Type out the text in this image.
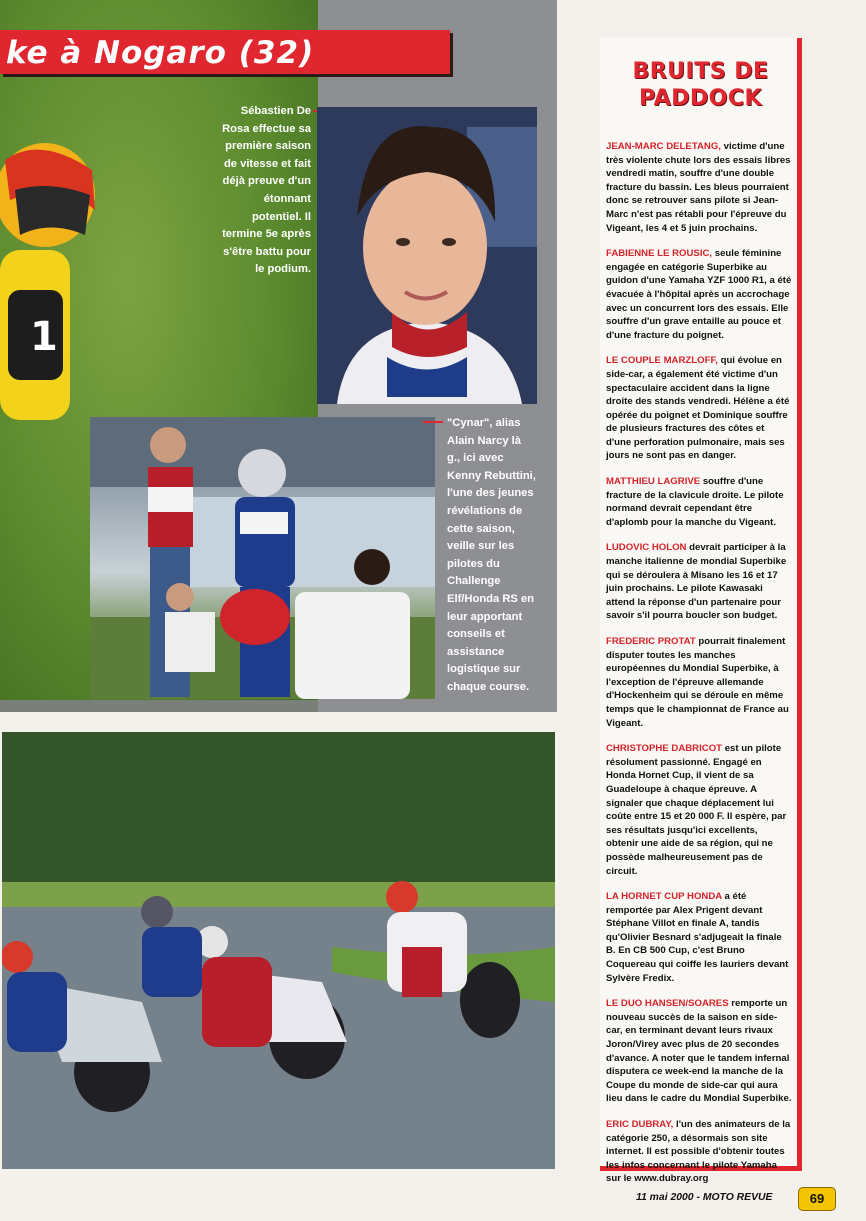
ke à Nogaro (32)
1
Sébastien De Rosa effectue sa première saison de vitesse et fait déjà preuve d'un étonnant potentiel. Il termine 5e après s'être battu pour le podium.
"Cynar", alias Alain Narcy là g., ici avec Kenny Rebuttini, l'une des jeunes révélations de cette saison, veille sur les pilotes du Challenge Elf/Honda RS en leur apportant conseils et assistance logistique sur chaque course.
BRUITS DE PADDOCK
JEAN-MARC DELETANG, victime d'une très violente chute lors des essais libres vendredi matin, souffre d'une double fracture du bassin. Les bleus pourraient donc se retrouver sans pilote si Jean-Marc n'est pas rétabli pour l'épreuve du Vigeant, les 4 et 5 juin prochains.
FABIENNE LE ROUSIC, seule féminine engagée en catégorie Superbike au guidon d'une Yamaha YZF 1000 R1, a été évacuée à l'hôpital après un accrochage avec un concurrent lors des essais. Elle souffre d'un grave entaille au pouce et d'une fracture du poignet.
LE COUPLE MARZLOFF, qui évolue en side-car, a également été victime d'un spectaculaire accident dans la ligne droite des stands vendredi. Hélène a été opérée du poignet et Dominique souffre de plusieurs fractures des côtes et d'une perforation pulmonaire, mais ses jours ne sont pas en danger.
MATTHIEU LAGRIVE souffre d'une fracture de la clavicule droite. Le pilote normand devrait cependant être d'aplomb pour la manche du Vigeant.
LUDOVIC HOLON devrait participer à la manche italienne de mondial Superbike qui se déroulera à Misano les 16 et 17 juin prochains. Le pilote Kawasaki attend la réponse d'un partenaire pour savoir s'il pourra boucler son budget.
FREDERIC PROTAT pourrait finalement disputer toutes les manches européennes du Mondial Superbike, à l'exception de l'épreuve allemande d'Hockenheim qui se déroule en même temps que le championnat de France au Vigeant.
CHRISTOPHE DABRICOT est un pilote résolument passionné. Engagé en Honda Hornet Cup, il vient de sa Guadeloupe à chaque épreuve. A signaler que chaque déplacement lui coûte entre 15 et 20 000 F. Il espère, par ses résultats jusqu'ici excellents, obtenir une aide de sa région, qui ne possède malheureusement pas de circuit.
LA HORNET CUP HONDA a été remportée par Alex Prigent devant Stéphane Villot en finale A, tandis qu'Olivier Besnard s'adjugeait la finale B. En CB 500 Cup, c'est Bruno Coquereau qui coiffe les lauriers devant Sylvère Fredix.
LE DUO HANSEN/SOARES remporte un nouveau succès de la saison en side-car, en terminant devant leurs rivaux Joron/Virey avec plus de 20 secondes d'avance. A noter que le tandem infernal disputera ce week-end la manche de la Coupe du monde de side-car qui aura lieu dans le cadre du Mondial Superbike.
ERIC DUBRAY, l'un des animateurs de la catégorie 250, a désormais son site internet. Il est possible d'obtenir toutes les infos concernant le pilote Yamaha sur le www.dubray.org
11 mai 2000 - MOTO REVUE	69
